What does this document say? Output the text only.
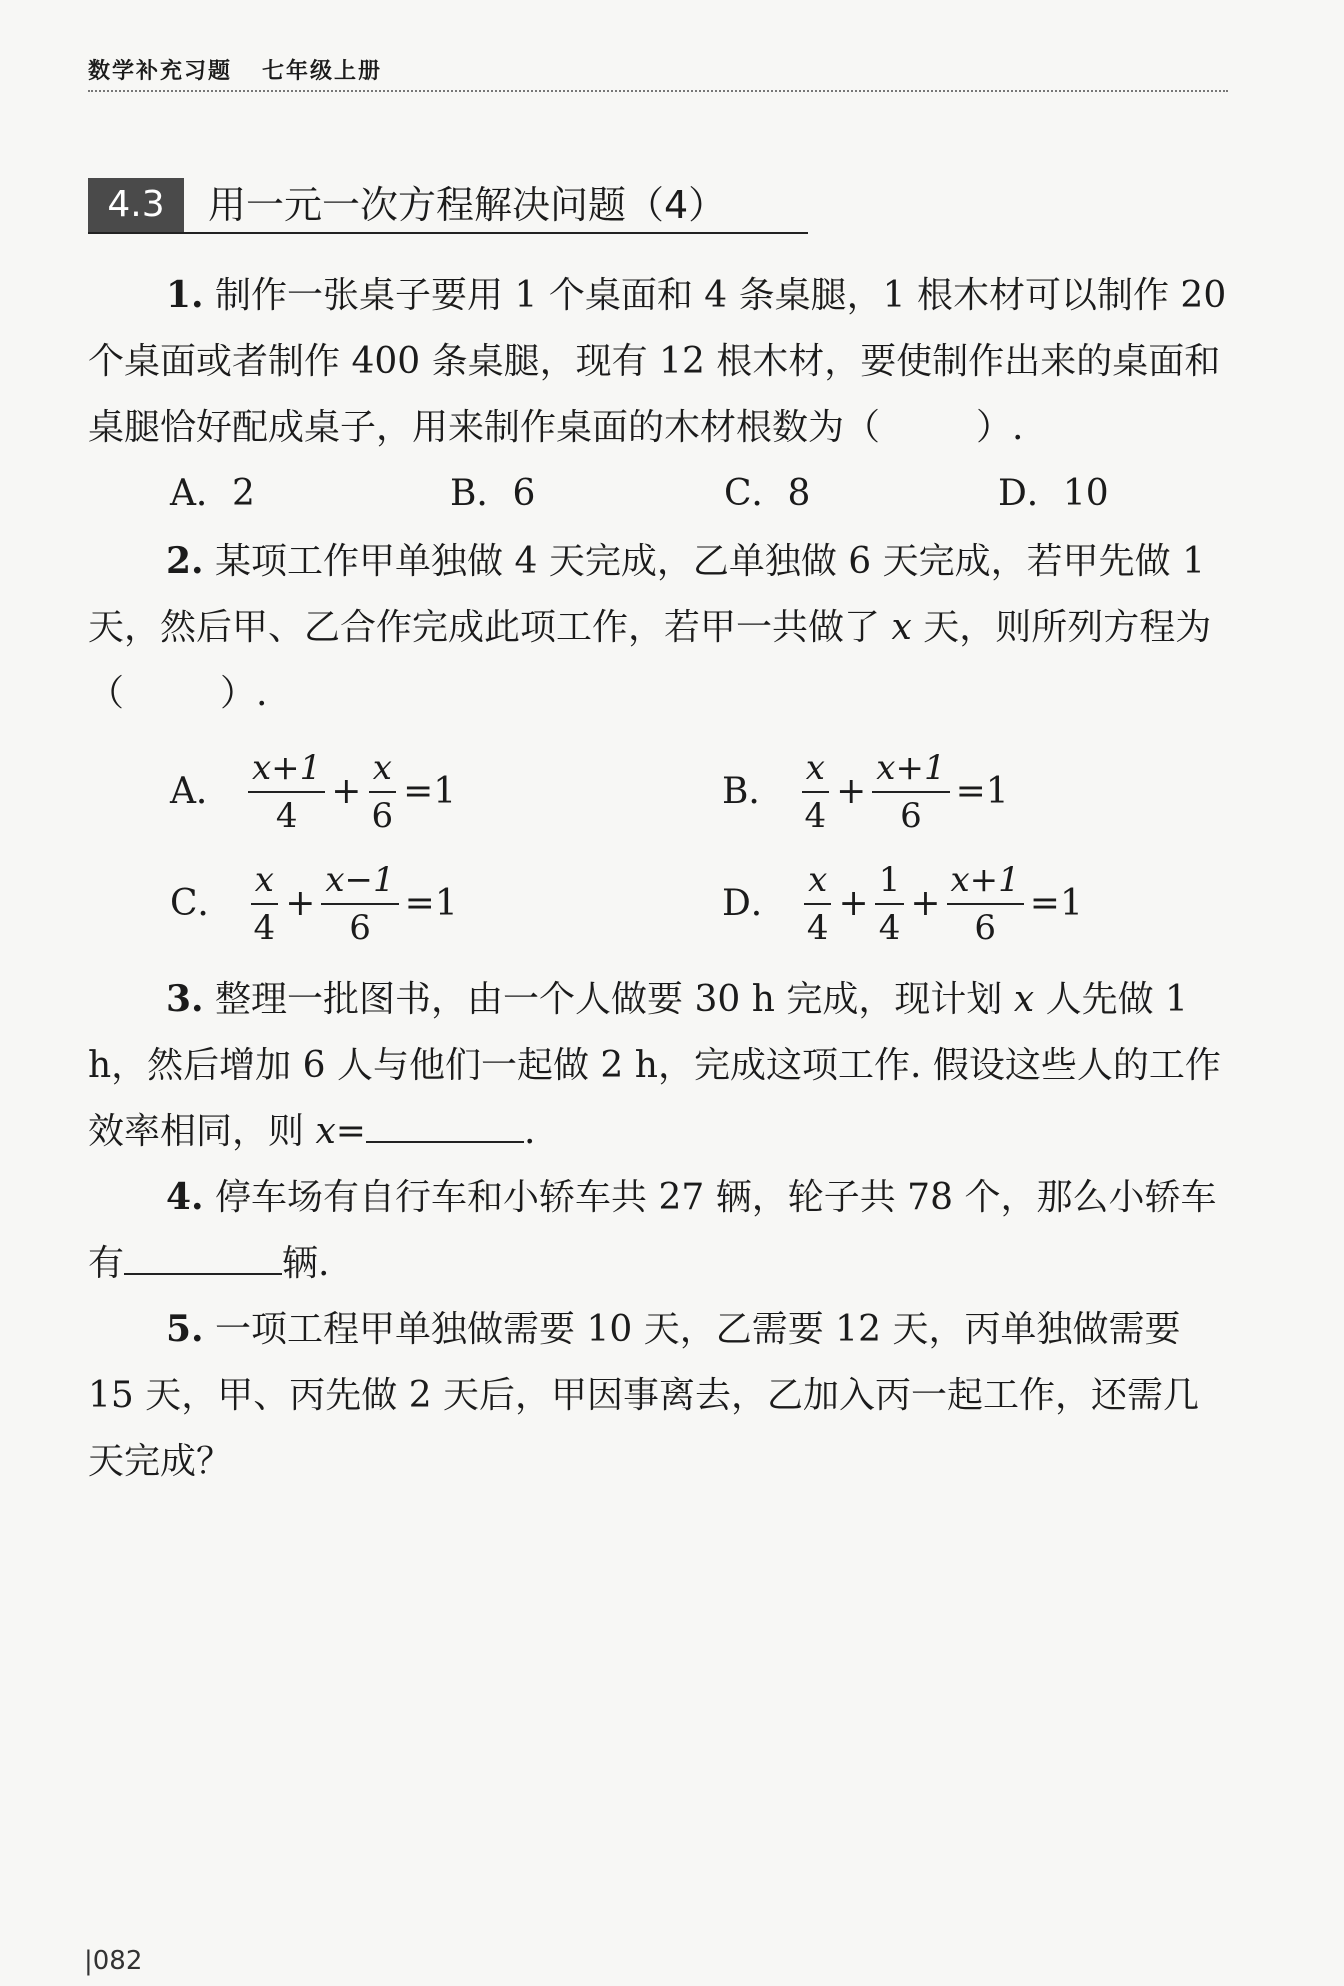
数学补充习题 七年级上册
4.3	用一元一次方程解决问题（4）

1. 制作一张桌子要用 1 个桌面和 4 条桌腿，1 根木材可以制作 20 个桌面或者制作 400 条桌腿，现有 12 根木材，要使制作出来的桌面和桌腿恰好配成桌子，用来制作桌面的木材根数为（	）.

A．2	B．6	C．8	D．10

2. 某项工作甲单独做 4 天完成，乙单独做 6 天完成，若甲先做 1 天，然后甲、乙合作完成此项工作，若甲一共做了 x 天，则所列方程为（	）.

A． $\frac{x+1}{4} + \frac{x}{6} =1$	B． $\frac{x}{4} + \frac{x+1}{6} =1$
C． $\frac{x}{4} + \frac{x-1}{6} =1$	D． $\frac{x}{4} + \frac{1}{4} + \frac{x+1}{6} =1$

3. 整理一批图书，由一个人做要 30 h 完成，现计划 x 人先做 1 h，然后增加 6 人与他们一起做 2 h，完成这项工作. 假设这些人的工作效率相同，则 x=	.

4. 停车场有自行车和小轿车共 27 辆，轮子共 78 个，那么小轿车有	辆.

5. 一项工程甲单独做需要 10 天，乙需要 12 天，丙单独做需要 15 天，甲、丙先做 2 天后，甲因事离去，乙加入丙一起工作，还需几天完成？

|082
